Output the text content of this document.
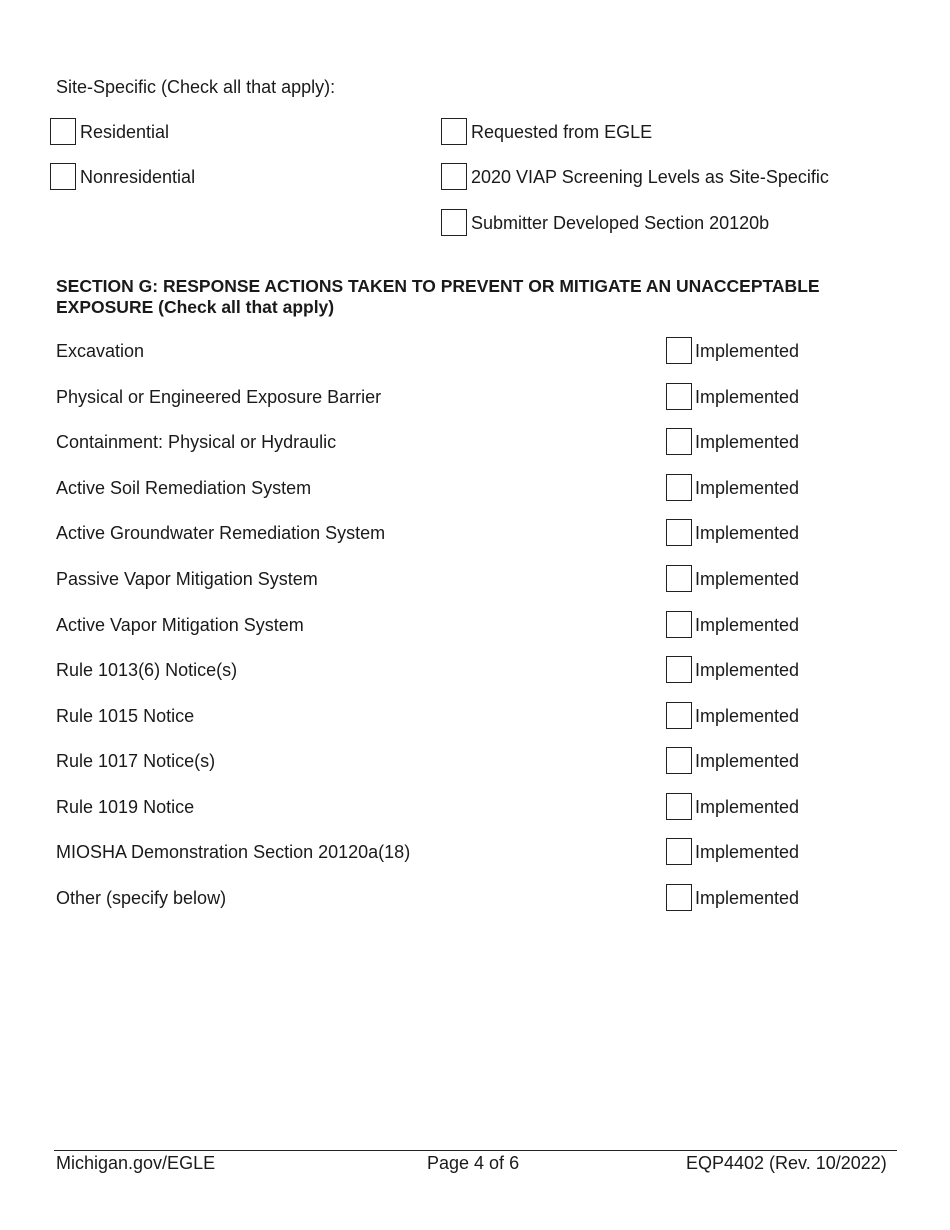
Site-Specific (Check all that apply):
Residential
Nonresidential
Requested from EGLE
2020 VIAP Screening Levels as Site-Specific
Submitter Developed Section 20120b
SECTION G: RESPONSE ACTIONS TAKEN TO PREVENT OR MITIGATE AN UNACCEPTABLE EXPOSURE (Check all that apply)
Excavation	Implemented
Physical or Engineered Exposure Barrier	Implemented
Containment: Physical or Hydraulic	Implemented
Active Soil Remediation System	Implemented
Active Groundwater Remediation System	Implemented
Passive Vapor Mitigation System	Implemented
Active Vapor Mitigation System	Implemented
Rule 1013(6) Notice(s)	Implemented
Rule 1015 Notice	Implemented
Rule 1017 Notice(s)	Implemented
Rule 1019 Notice	Implemented
MIOSHA Demonstration Section 20120a(18)	Implemented
Other (specify below)	Implemented
Michigan.gov/EGLE	Page 4 of 6	EQP4402 (Rev. 10/2022)
